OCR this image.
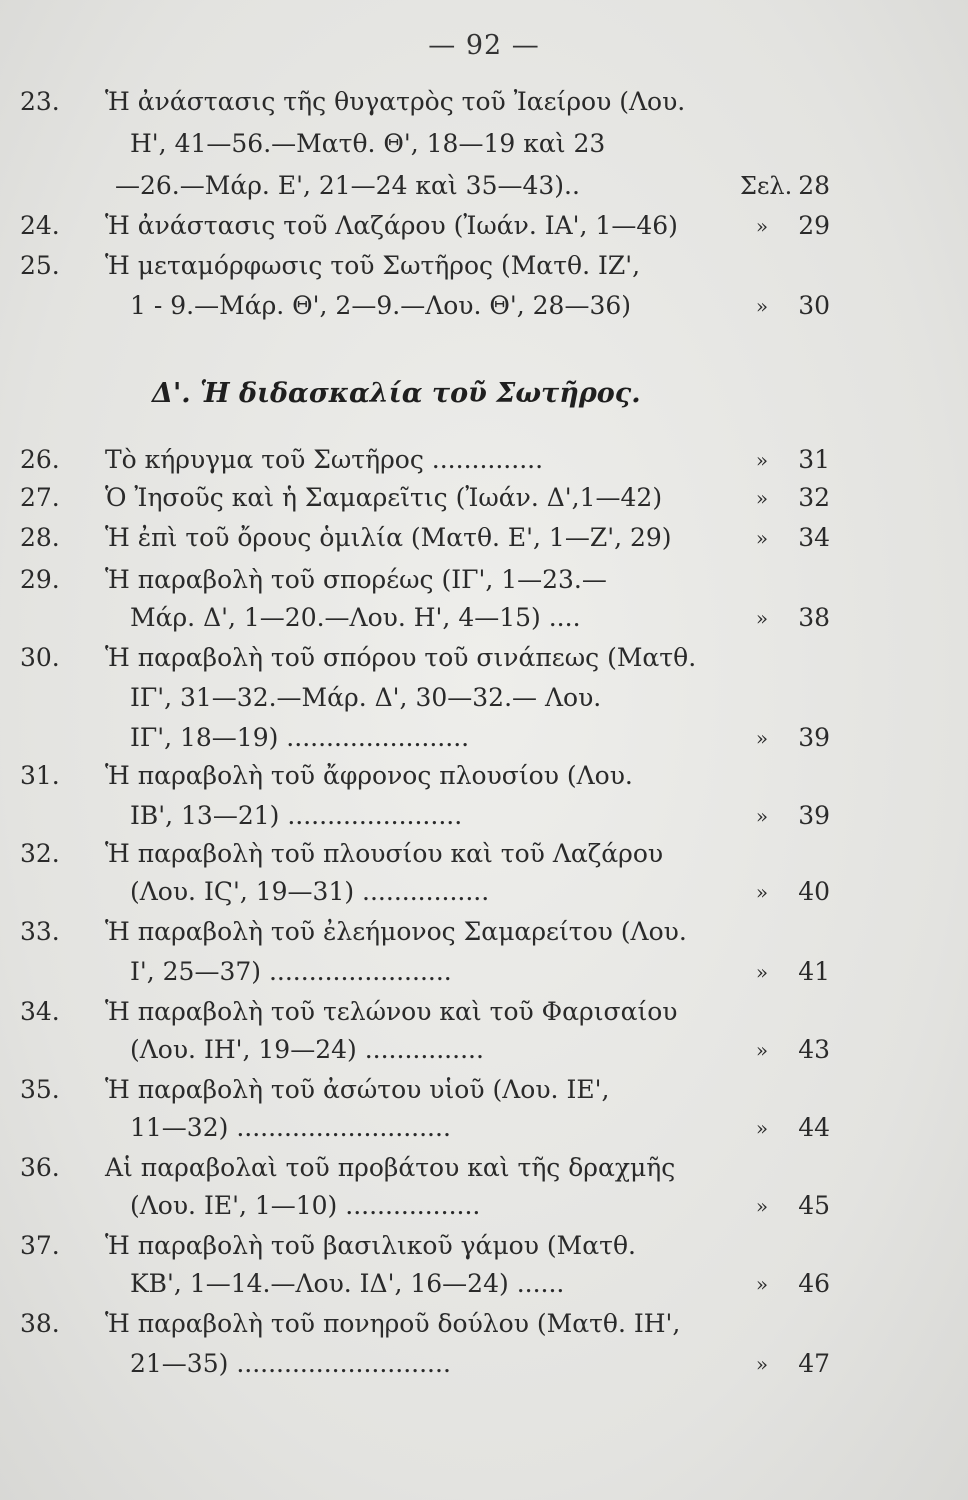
— 92 —
23.	Ἡ ἀνάστασις τῆς θυγατρὸς τοῦ Ἰαείρου (Λου.
Η', 41—56.—Ματθ. Θ', 18—19 καὶ 23
—26.—Μάρ. Ε', 21—24 καὶ 35—43)..	Σελ. 28
24.	Ἡ ἀνάστασις τοῦ Λαζάρου (Ἰωάν. ΙΑ', 1—46)	»	29
25.	Ἡ μεταμόρφωσις τοῦ Σωτῆρος (Ματθ. ΙΖ',
1 - 9.—Μάρ. Θ', 2—9.—Λου. Θ', 28—36)	»	30
Δ'. Ἡ διδασκαλία τοῦ Σωτῆρος.
26.	Τὸ κήρυγμα τοῦ Σωτῆρος ..............	»	31
27.	Ὁ Ἰησοῦς καὶ ἡ Σαμαρεῖτις (Ἰωάν. Δ',1—42)	»	32
28.	Ἡ ἐπὶ τοῦ ὄρους ὁμιλία (Ματθ. Ε', 1—Ζ', 29)	»	34
29.	Ἡ παραβολὴ τοῦ σπορέως (ΙΓ', 1—23.—
Μάρ. Δ', 1—20.—Λου. Η', 4—15) ....	»	38
30.	Ἡ παραβολὴ τοῦ σπόρου τοῦ σινάπεως (Ματθ.
ΙΓ', 31—32.—Μάρ. Δ', 30—32.— Λου.
ΙΓ', 18—19) .......................	»	39
31.	Ἡ παραβολὴ τοῦ ἄφρονος πλουσίου (Λου.
ΙΒ', 13—21) ......................	»	39
32.	Ἡ παραβολὴ τοῦ πλουσίου καὶ τοῦ Λαζάρου
(Λου. ΙϚ', 19—31) ................	»	40
33.	Ἡ παραβολὴ τοῦ ἐλεήμονος Σαμαρείτου (Λου.
Ι', 25—37) .......................	»	41
34.	Ἡ παραβολὴ τοῦ τελώνου καὶ τοῦ Φαρισαίου
(Λου. ΙΗ', 19—24) ...............	»	43
35.	Ἡ παραβολὴ τοῦ ἀσώτου υἱοῦ (Λου. ΙΕ',
11—32) ...........................	»	44
36.	Αἱ παραβολαὶ τοῦ προβάτου καὶ τῆς δραχμῆς
(Λου. ΙΕ', 1—10) .................	»	45
37.	Ἡ παραβολὴ τοῦ βασιλικοῦ γάμου (Ματθ.
ΚΒ', 1—14.—Λου. ΙΔ', 16—24) ......	»	46
38.	Ἡ παραβολὴ τοῦ πονηροῦ δούλου (Ματθ. ΙΗ',
21—35) ...........................	»	47
